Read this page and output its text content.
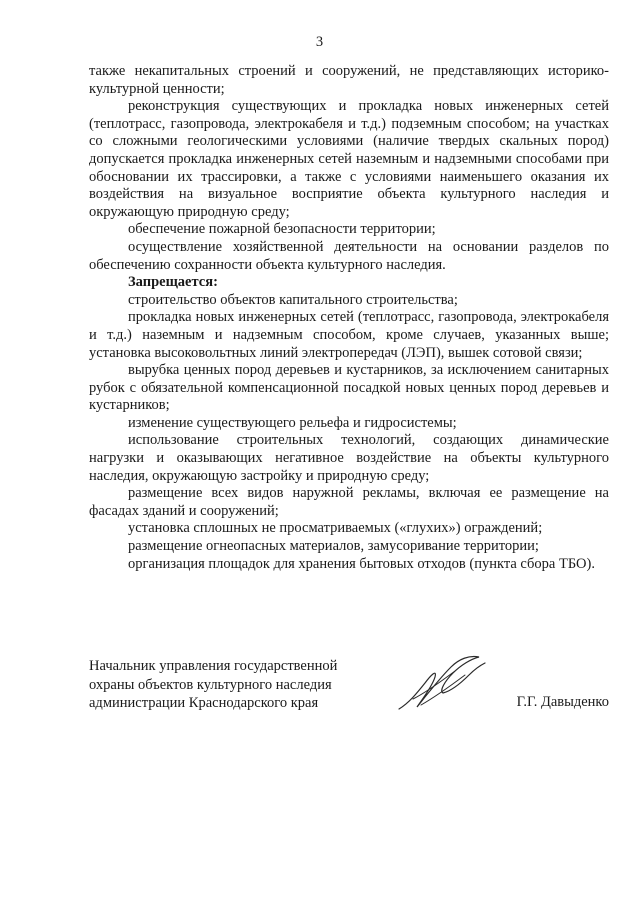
3

также некапитальных строений и сооружений, не представляющих историко-культурной ценности;

реконструкция существующих и прокладка новых инженерных сетей (теплотрасс, газопровода, электрокабеля и т.д.) подземным способом; на участках со сложными геологическими условиями (наличие твердых скальных пород) допускается прокладка инженерных сетей наземным и надземными способами при обосновании их трассировки, а также с условиями наименьшего оказания их воздействия на визуальное восприятие объекта культурного наследия и окружающую природную среду;

обеспечение пожарной безопасности территории;

осуществление хозяйственной деятельности на основании разделов по обеспечению сохранности объекта культурного наследия.

Запрещается:

строительство объектов капитального строительства;

прокладка новых инженерных сетей (теплотрасс, газопровода, электрокабеля и т.д.) наземным и надземным способом, кроме случаев, указанных выше; установка высоковольтных линий электропередач (ЛЭП), вышек сотовой связи;

вырубка ценных пород деревьев и кустарников, за исключением санитарных рубок с обязательной компенсационной посадкой новых ценных пород деревьев и кустарников;

изменение существующего рельефа и гидросистемы;

использование строительных технологий, создающих динамические нагрузки и оказывающих негативное воздействие на объекты культурного наследия, окружающую застройку и природную среду;

размещение всех видов наружной рекламы, включая ее размещение на фасадах зданий и сооружений;

установка сплошных не просматриваемых («глухих») ограждений;

размещение огнеопасных материалов, замусоривание территории;

организация площадок для хранения бытовых отходов (пункта сбора ТБО).

Начальник управления государственной
охраны объектов культурного наследия
администрации Краснодарского края	Г.Г. Давыденко
